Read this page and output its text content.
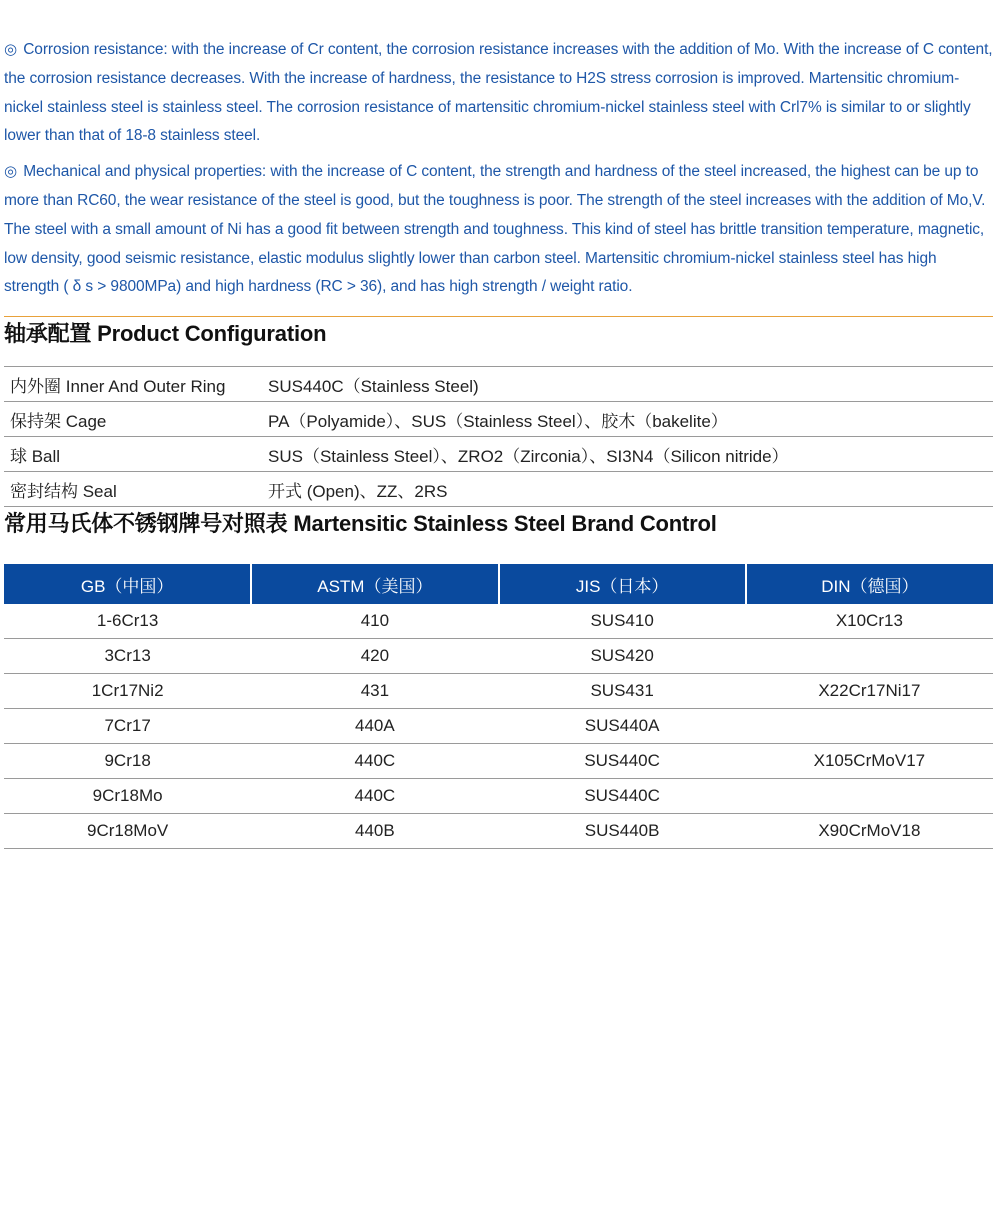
◎ Corrosion resistance: with the increase of Cr content, the corrosion resistance increases with the addition of Mo. With the increase of C content, the corrosion resistance decreases. With the increase of hardness, the resistance to H2S stress corrosion is improved. Martensitic chromium-nickel stainless steel is stainless steel. The corrosion resistance of martensitic chromium-nickel stainless steel with Crl7% is similar to or slightly lower than that of 18-8 stainless steel.

◎ Mechanical and physical properties: with the increase of C content, the strength and hardness of the steel increased, the highest can be up to more than RC60, the wear resistance of the steel is good, but the toughness is poor. The strength of the steel increases with the addition of Mo,V. The steel with a small amount of Ni has a good fit between strength and toughness. This kind of steel has brittle transition temperature, magnetic, low density, good seismic resistance, elastic modulus slightly lower than carbon steel. Martensitic chromium-nickel stainless steel has high strength ( δ s > 9800MPa) and high hardness (RC > 36), and has high strength / weight ratio.

轴承配置 Product Configuration
内外圈 Inner And Outer Ring	SUS440C（Stainless Steel)
保持架 Cage	PA（Polyamide）、SUS（Stainless Steel）、胶木（bakelite）
球 Ball	SUS（Stainless Steel）、ZRO2（Zirconia）、SI3N4（Silicon nitride）
密封结构 Seal	开式 (Open)、ZZ、2RS
常用马氏体不锈钢牌号对照表 Martensitic Stainless Steel Brand Control
GB（中国）	ASTM（美国）	JIS（日本）	DIN（德国）
1-6Cr13	410	SUS410	X10Cr13
3Cr13	420	SUS420	
1Cr17Ni2	431	SUS431	X22Cr17Ni17
7Cr17	440A	SUS440A	
9Cr18	440C	SUS440C	X105CrMoV17
9Cr18Mo	440C	SUS440C	
9Cr18MoV	440B	SUS440B	X90CrMoV18
